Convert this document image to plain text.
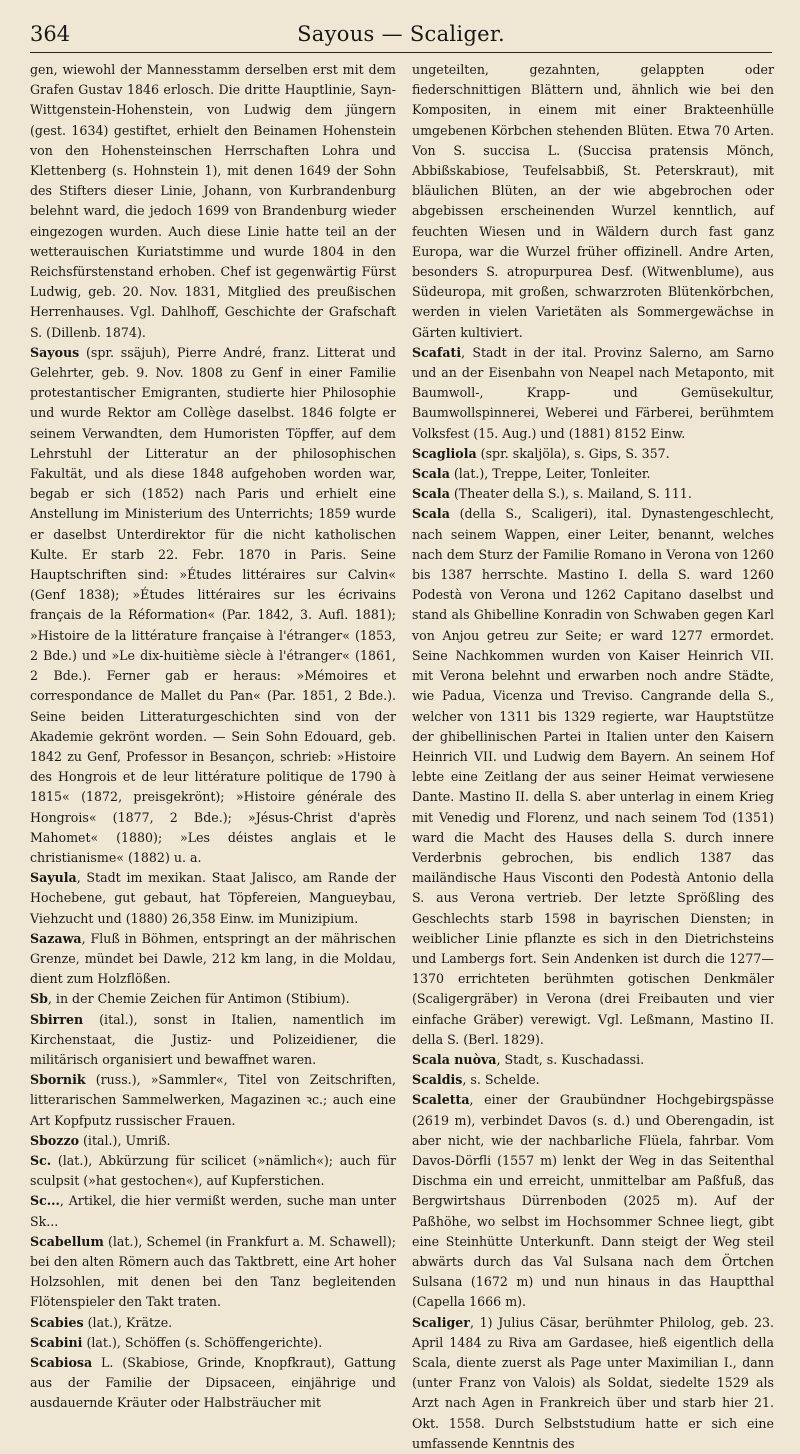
364	Sayous — Scaliger.

gen, wiewohl der Mannesstamm derselben erst mit dem Grafen Gustav 1846 erlosch. Die dritte Hauptlinie, Sayn-Wittgenstein-Hohenstein, von Ludwig dem jüngern (gest. 1634) gestiftet, erhielt den Beinamen Hohenstein von den Hohensteinschen Herrschaften Lohra und Klettenberg (s. Hohnstein 1), mit denen 1649 der Sohn des Stifters dieser Linie, Johann, von Kurbrandenburg belehnt ward, die jedoch 1699 von Brandenburg wieder eingezogen wurden. Auch diese Linie hatte teil an der wetterauischen Kuriatstimme und wurde 1804 in den Reichsfürstenstand erhoben. Chef ist gegenwärtig Fürst Ludwig, geb. 20. Nov. 1831, Mitglied des preußischen Herrenhauses. Vgl. Dahlhoff, Geschichte der Grafschaft S. (Dillenb. 1874).

Sayous (spr. ssäjuh), Pierre André, franz. Litterat und Gelehrter, geb. 9. Nov. 1808 zu Genf in einer Familie protestantischer Emigranten, studierte hier Philosophie und wurde Rektor am Collège daselbst. 1846 folgte er seinem Verwandten, dem Humoristen Töpffer, auf dem Lehrstuhl der Litteratur an der philosophischen Fakultät, und als diese 1848 aufgehoben worden war, begab er sich (1852) nach Paris und erhielt eine Anstellung im Ministerium des Unterrichts; 1859 wurde er daselbst Unterdirektor für die nicht katholischen Kulte. Er starb 22. Febr. 1870 in Paris. Seine Hauptschriften sind: »Études littéraires sur Calvin« (Genf 1838); »Études littéraires sur les écrivains français de la Réformation« (Par. 1842, 3. Aufl. 1881); »Histoire de la littérature française à l'étranger« (1853, 2 Bde.) und »Le dix-huitième siècle à l'étranger« (1861, 2 Bde.). Ferner gab er heraus: »Mémoires et correspondance de Mallet du Pan« (Par. 1851, 2 Bde.). Seine beiden Litteraturgeschichten sind von der Akademie gekrönt worden. — Sein Sohn Edouard, geb. 1842 zu Genf, Professor in Besançon, schrieb: »Histoire des Hongrois et de leur littérature politique de 1790 à 1815« (1872, preisgekrönt); »Histoire générale des Hongrois« (1877, 2 Bde.); »Jésus-Christ d'après Mahomet« (1880); »Les déistes anglais et le christianisme« (1882) u. a.

Sayula, Stadt im mexikan. Staat Jalisco, am Rande der Hochebene, gut gebaut, hat Töpfereien, Mangueybau, Viehzucht und (1880) 26,358 Einw. im Munizipium.

Sazawa, Fluß in Böhmen, entspringt an der mährischen Grenze, mündet bei Dawle, 212 km lang, in die Moldau, dient zum Holzflößen.

Sb, in der Chemie Zeichen für Antimon (Stibium).

Sbirren (ital.), sonst in Italien, namentlich im Kirchenstaat, die Justiz- und Polizeidiener, die militärisch organisiert und bewaffnet waren.

Sbornik (russ.), »Sammler«, Titel von Zeitschriften, litterarischen Sammelwerken, Magazinen ꝛc.; auch eine Art Kopfputz russischer Frauen.

Sbozzo (ital.), Umriß.

Sc. (lat.), Abkürzung für scilicet (»nämlich«); auch für sculpsit (»hat gestochen«), auf Kupferstichen.

Sc..., Artikel, die hier vermißt werden, suche man unter Sk...

Scabellum (lat.), Schemel (in Frankfurt a. M. Schawell); bei den alten Römern auch das Taktbrett, eine Art hoher Holzsohlen, mit denen bei den Tanz begleitenden Flötenspieler den Takt traten.

Scabies (lat.), Krätze.

Scabini (lat.), Schöffen (s. Schöffengerichte).

Scabiosa L. (Skabiose, Grinde, Knopfkraut), Gattung aus der Familie der Dipsaceen, einjährige und ausdauernde Kräuter oder Halbsträucher mit

ungeteilten, gezahnten, gelappten oder fiederschnittigen Blättern und, ähnlich wie bei den Kompositen, in einem mit einer Brakteenhülle umgebenen Körbchen stehenden Blüten. Etwa 70 Arten. Von S. succisa L. (Succisa pratensis Mönch, Abbißskabiose, Teufelsabbiß, St. Peterskraut), mit bläulichen Blüten, an der wie abgebrochen oder abgebissen erscheinenden Wurzel kenntlich, auf feuchten Wiesen und in Wäldern durch fast ganz Europa, war die Wurzel früher offizinell. Andre Arten, besonders S. atropurpurea Desf. (Witwenblume), aus Südeuropa, mit großen, schwarzroten Blütenkörbchen, werden in vielen Varietäten als Sommergewächse in Gärten kultiviert.

Scafati, Stadt in der ital. Provinz Salerno, am Sarno und an der Eisenbahn von Neapel nach Metaponto, mit Baumwoll-, Krapp- und Gemüsekultur, Baumwollspinnerei, Weberei und Färberei, berühmtem Volksfest (15. Aug.) und (1881) 8152 Einw.

Scagliola (spr. skaljöla), s. Gips, S. 357.

Scala (lat.), Treppe, Leiter, Tonleiter.

Scala (Theater della S.), s. Mailand, S. 111.

Scala (della S., Scaligeri), ital. Dynastengeschlecht, nach seinem Wappen, einer Leiter, benannt, welches nach dem Sturz der Familie Romano in Verona von 1260 bis 1387 herrschte. Mastino I. della S. ward 1260 Podestà von Verona und 1262 Capitano daselbst und stand als Ghibelline Konradin von Schwaben gegen Karl von Anjou getreu zur Seite; er ward 1277 ermordet. Seine Nachkommen wurden von Kaiser Heinrich VII. mit Verona belehnt und erwarben noch andre Städte, wie Padua, Vicenza und Treviso. Cangrande della S., welcher von 1311 bis 1329 regierte, war Hauptstütze der ghibellinischen Partei in Italien unter den Kaisern Heinrich VII. und Ludwig dem Bayern. An seinem Hof lebte eine Zeitlang der aus seiner Heimat verwiesene Dante. Mastino II. della S. aber unterlag in einem Krieg mit Venedig und Florenz, und nach seinem Tod (1351) ward die Macht des Hauses della S. durch innere Verderbnis gebrochen, bis endlich 1387 das mailändische Haus Visconti den Podestà Antonio della S. aus Verona vertrieb. Der letzte Sprößling des Geschlechts starb 1598 in bayrischen Diensten; in weiblicher Linie pflanzte es sich in den Dietrichsteins und Lambergs fort. Sein Andenken ist durch die 1277—1370 errichteten berühmten gotischen Denkmäler (Scaligergräber) in Verona (drei Freibauten und vier einfache Gräber) verewigt. Vgl. Leßmann, Mastino II. della S. (Berl. 1829).

Scala nuòva, Stadt, s. Kuschadassi.

Scaldis, s. Schelde.

Scaletta, einer der Graubündner Hochgebirgspässe (2619 m), verbindet Davos (s. d.) und Oberengadin, ist aber nicht, wie der nachbarliche Flüela, fahrbar. Vom Davos-Dörfli (1557 m) lenkt der Weg in das Seitenthal Dischma ein und erreicht, unmittelbar am Paßfuß, das Bergwirtshaus Dürrenboden (2025 m). Auf der Paßhöhe, wo selbst im Hochsommer Schnee liegt, gibt eine Steinhütte Unterkunft. Dann steigt der Weg steil abwärts durch das Val Sulsana nach dem Örtchen Sulsana (1672 m) und nun hinaus in das Hauptthal (Capella 1666 m).

Scaliger, 1) Julius Cäsar, berühmter Philolog, geb. 23. April 1484 zu Riva am Gardasee, hieß eigentlich della Scala, diente zuerst als Page unter Maximilian I., dann (unter Franz von Valois) als Soldat, siedelte 1529 als Arzt nach Agen in Frankreich über und starb hier 21. Okt. 1558. Durch Selbststudium hatte er sich eine umfassende Kenntnis des
